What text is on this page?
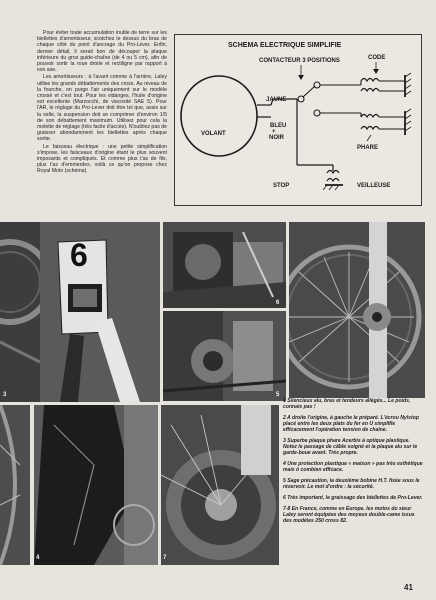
Pour éviter toute accumulation inutile de terre sur les biellettes d'amortisseur, scotchez le dessus du bras de chaque côté du point d'ancrage du Pro-Lever. Enfin, dernier détail, il serait bon de découper la plaque inférieure du gros guide-chaîne (de 4 ou 5 cm), afin de pouvoir sortir la roue droite et rectiligne par rapport à son axe.

Les amortisseurs : à l'avant comme à l'arrière, Laley utilise les grands débattements des cross. Au niveau de la fourche, on purge l'air uniquement sur le modèle crossé et c'est tout. Pour les vidanges, l'huile d'origine est excellente (Marzocchi, de viscosité SAE 5). Pour l'AR, le réglage du Pro-Lever doit être tel que, assis sur la selle, la suspension doit se comprimer d'environ 1/5 de son débattement maximum. Utilisez pour cela la molette de réglage (très facile d'accès). N'oubliez pas de graisser abondamment les biellettes après chaque sortie.

Le faisceau électrique : une petite simplification s'impose, les faisceaux d'origine étant le plus souvent imposants et compliqués. Et comme plus t'as de fils, plus t'as d'emmerdes, voilà ce qu'on propose chez Royal Moto (schéma).

SCHEMA ELECTRIQUE SIMPLIFIE
VOLANT
JAUNE
BLEU
+
NOIR
CONTACTEUR 3 POSITIONS	CODE
PHARE
STOP	VEILLEUSE
6
3
6
5
4	7

1 Silencieux alu, bras et tendeurs allégés... Le poids, connais pas !

2 A droite l'origine, à gauche le préparé. L'écrou Nylstop placé entre les deux plats du fer en U simplifie efficacement l'opération tension de chaîne.

3 Superbe plaque phare Acerbis à optique plastique. Notez le passage de câble soigné et la plaque alu sur le garde-boue avant. Très propre.

4 Une protection plastique « maison » pas très esthétique mais ô combien efficace.

5 Sage précaution, la deuxième bobine H.T. fixée sous le réservoir. Le mot d'ordre : la sécurité.

6 Très important, le graissage des biellettes de Pro-Lever.

7-8 En France, comme en Europe, les motos du sieur Laley seront équipées des moyeux double-came issus des modèles 250 cross 82.

41
